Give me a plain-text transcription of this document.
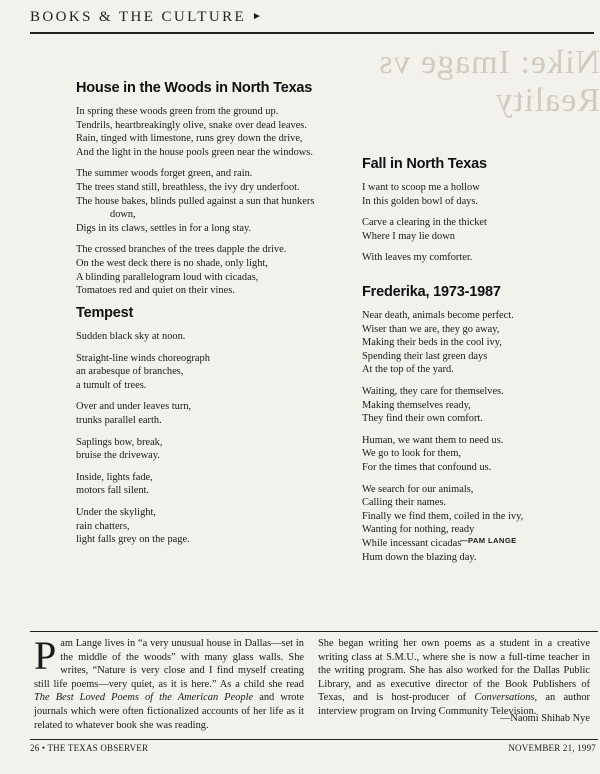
Nike: Image vs Reality
BOOKS & THE CULTURE ►
House in the Woods in North Texas
In spring these woods green from the ground up.
Tendrils, heartbreakingly olive, snake over dead leaves.
Rain, tinged with limestone, runs grey down the drive,
And the light in the house pools green near the windows.
The summer woods forget green, and rain.
The trees stand still, breathless, the ivy dry underfoot.
The house bakes, blinds pulled against a sun that hunkers
down,
Digs in its claws, settles in for a long stay.
The crossed branches of the trees dapple the drive.
On the west deck there is no shade, only light,
A blinding parallelogram loud with cicadas,
Tomatoes red and quiet on their vines.
Tempest
Sudden black sky at noon.
Straight-line winds choreograph
an arabesque of branches,
a tumult of trees.
Over and under leaves turn,
trunks parallel earth.
Saplings bow, break,
bruise the driveway.
Inside, lights fade,
motors fall silent.
Under the skylight,
rain chatters,
light falls grey on the page.
Fall in North Texas
I want to scoop me a hollow
In this golden bowl of days.
Carve a clearing in the thicket
Where I may lie down
With leaves my comforter.
Frederika, 1973-1987
Near death, animals become perfect.
Wiser than we are, they go away,
Making their beds in the cool ivy,
Spending their last green days
At the top of the yard.
Waiting, they care for themselves.
Making themselves ready,
They find their own comfort.
Human, we want them to need us.
We go to look for them,
For the times that confound us.
We search for our animals,
Calling their names.
Finally we find them, coiled in the ivy,
Wanting for nothing, ready
While incessant cicadas
Hum down the blazing day.
—PAM LANGE
Pam Lange lives in “a very unusual house in Dallas—set in the middle of the woods” with many glass walls. She writes, “Nature is very close and I find myself creating still life poems—very quiet, as it is here.” As a child she read The Best Loved Poems of the American People and wrote journals which were often fictionalized accounts of her life as it related to whatever book she was reading.
She began writing her own poems as a student in a creative writing class at S.M.U., where she is now a full-time teacher in the writing program. She has also worked for the Dallas Public Library, and as executive director of the Book Publishers of Texas, and is host-producer of Conversations, an author interview program on Irving Community Television.
—Naomi Shihab Nye
26 • THE TEXAS OBSERVER	NOVEMBER 21, 1997
